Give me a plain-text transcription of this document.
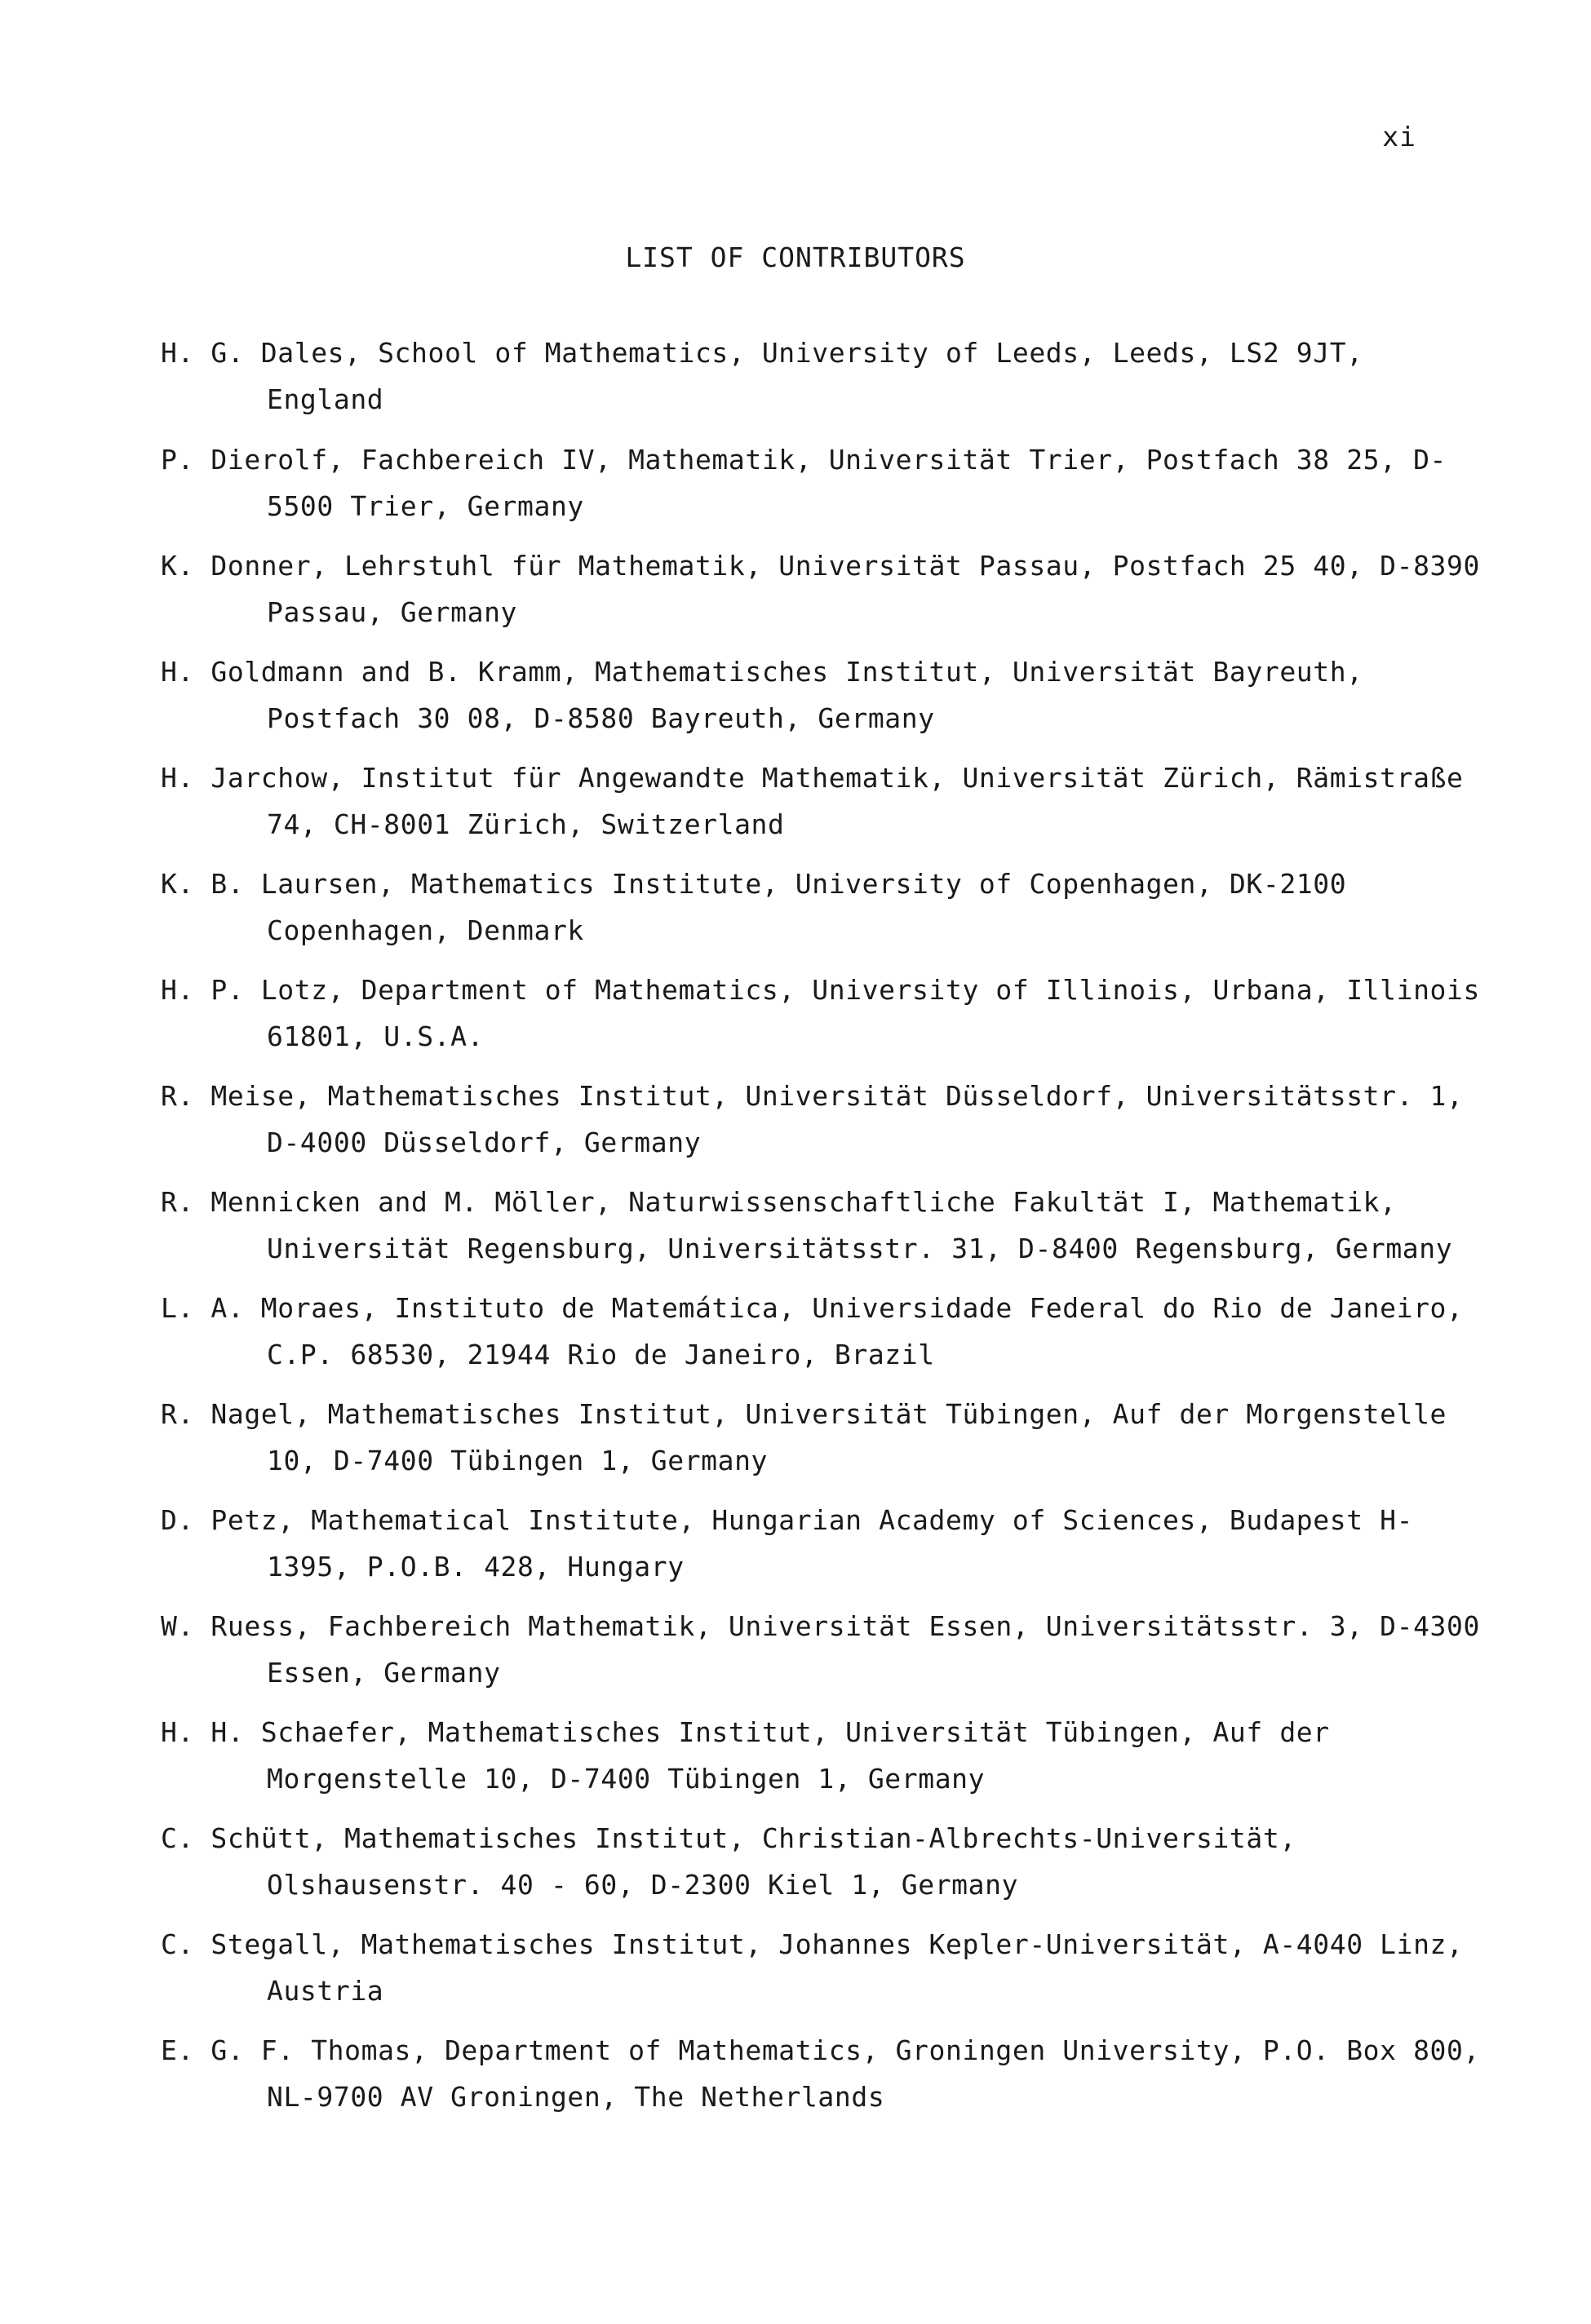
xi
LIST OF CONTRIBUTORS
H. G. Dales, School of Mathematics, University of Leeds, Leeds, LS2 9JT, England
P. Dierolf, Fachbereich IV, Mathematik, Universität Trier, Postfach 38 25, D-5500 Trier, Germany
K. Donner, Lehrstuhl für Mathematik, Universität Passau, Postfach 25 40, D-8390 Passau, Germany
H. Goldmann and B. Kramm, Mathematisches Institut, Universität Bayreuth, Postfach 30 08, D-8580 Bayreuth, Germany
H. Jarchow, Institut für Angewandte Mathematik, Universität Zürich, Rämistraße 74, CH-8001 Zürich, Switzerland
K. B. Laursen, Mathematics Institute, University of Copenhagen, DK-2100 Copenhagen, Denmark
H. P. Lotz, Department of Mathematics, University of Illinois, Urbana, Illinois 61801, U.S.A.
R. Meise, Mathematisches Institut, Universität Düsseldorf, Universitätsstr. 1, D-4000 Düsseldorf, Germany
R. Mennicken and M. Möller, Naturwissenschaftliche Fakultät I, Mathematik, Universität Regensburg, Universitätsstr. 31, D-8400 Regensburg, Germany
L. A. Moraes, Instituto de Matemática, Universidade Federal do Rio de Janeiro, C.P. 68530, 21944 Rio de Janeiro, Brazil
R. Nagel, Mathematisches Institut, Universität Tübingen, Auf der Morgenstelle 10, D-7400 Tübingen 1, Germany
D. Petz, Mathematical Institute, Hungarian Academy of Sciences, Budapest H-1395, P.O.B. 428, Hungary
W. Ruess, Fachbereich Mathematik, Universität Essen, Universitätsstr. 3, D-4300 Essen, Germany
H. H. Schaefer, Mathematisches Institut, Universität Tübingen, Auf der Morgenstelle 10, D-7400 Tübingen 1, Germany
C. Schütt, Mathematisches Institut, Christian-Albrechts-Universität, Olshausenstr. 40 - 60, D-2300 Kiel 1, Germany
C. Stegall, Mathematisches Institut, Johannes Kepler-Universität, A-4040 Linz, Austria
E. G. F. Thomas, Department of Mathematics, Groningen University, P.O. Box 800, NL-9700 AV Groningen, The Netherlands
